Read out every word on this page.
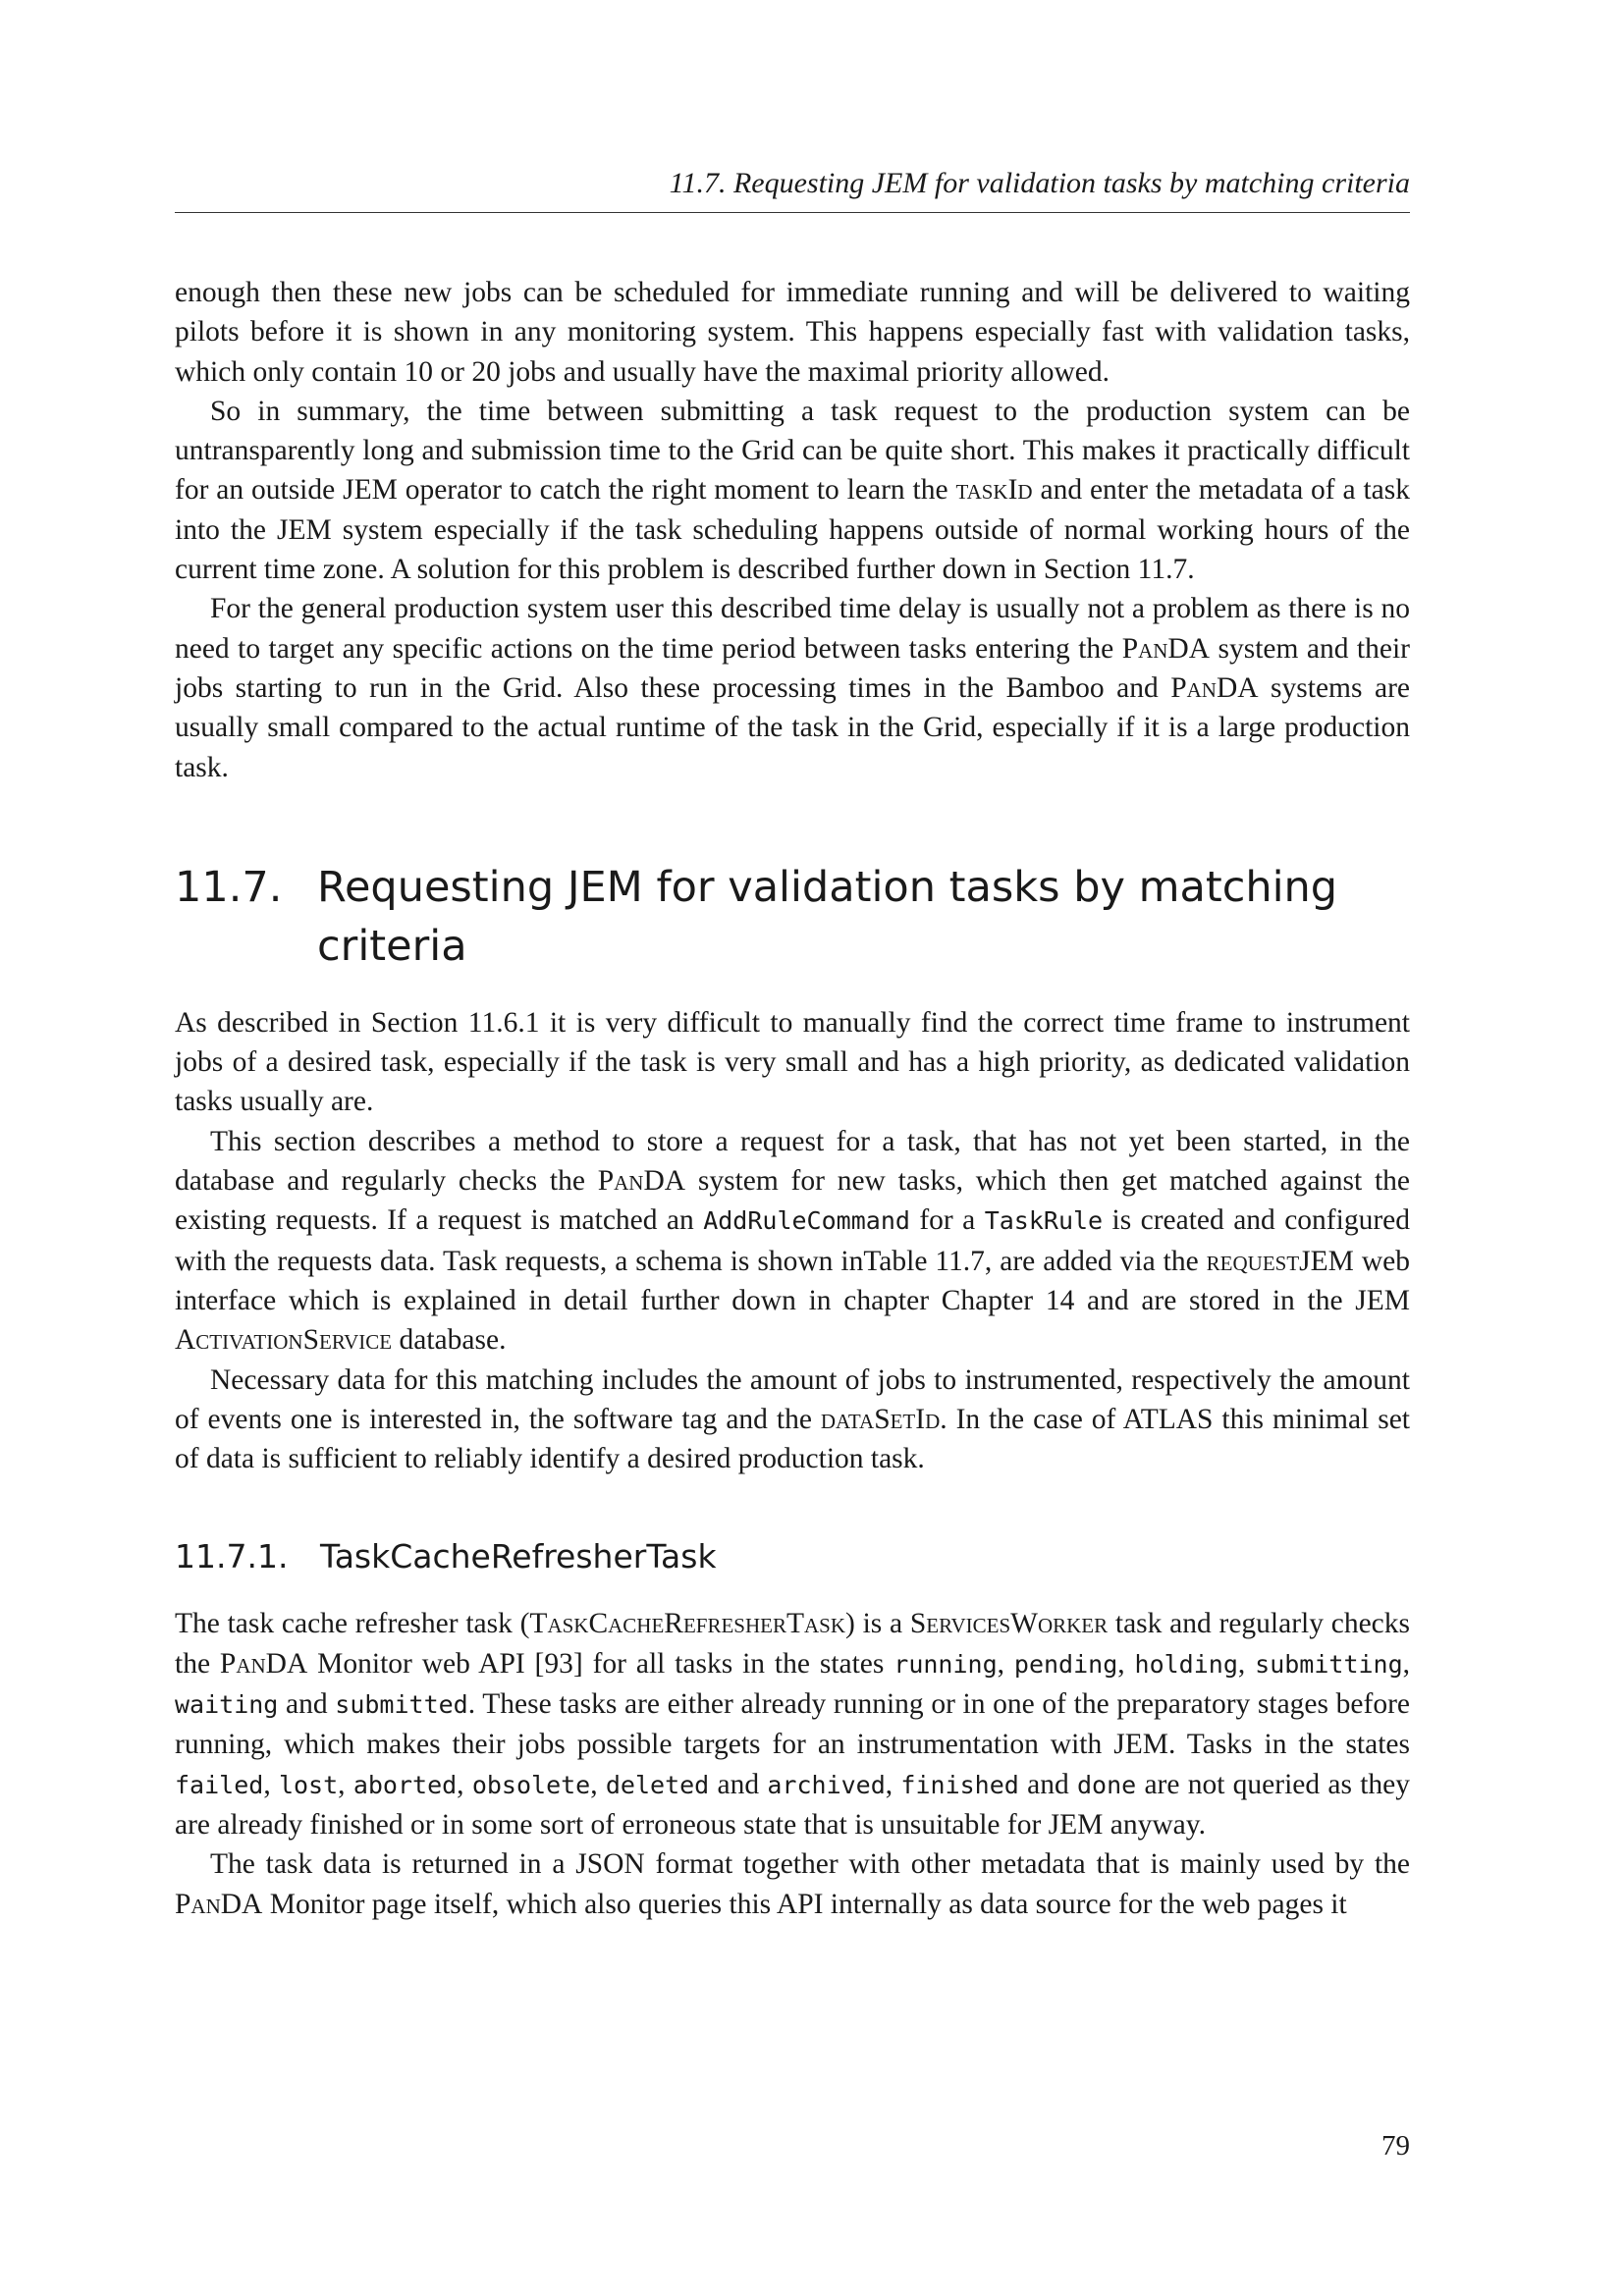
11.7. Requesting JEM for validation tasks by matching criteria

enough then these new jobs can be scheduled for immediate running and will be delivered to waiting pilots before it is shown in any monitoring system. This happens especially fast with validation tasks, which only contain 10 or 20 jobs and usually have the maximal priority allowed.

So in summary, the time between submitting a task request to the production system can be untransparently long and submission time to the Grid can be quite short. This makes it practically difficult for an outside JEM operator to catch the right moment to learn the taskId and enter the metadata of a task into the JEM system especially if the task scheduling happens outside of normal working hours of the current time zone. A solution for this problem is described further down in Section 11.7.

For the general production system user this described time delay is usually not a problem as there is no need to target any specific actions on the time period between tasks entering the PanDA system and their jobs starting to run in the Grid. Also these processing times in the Bamboo and PanDA systems are usually small compared to the actual runtime of the task in the Grid, especially if it is a large production task.

11.7. Requesting JEM for validation tasks by matching criteria

As described in Section 11.6.1 it is very difficult to manually find the correct time frame to instrument jobs of a desired task, especially if the task is very small and has a high priority, as dedicated validation tasks usually are.

This section describes a method to store a request for a task, that has not yet been started, in the database and regularly checks the PanDA system for new tasks, which then get matched against the existing requests. If a request is matched an AddRuleCommand for a TaskRule is created and configured with the requests data. Task requests, a schema is shown inTable 11.7, are added via the requestJEM web interface which is explained in detail further down in chapter Chapter 14 and are stored in the JEM ActivationService database.

Necessary data for this matching includes the amount of jobs to instrumented, respectively the amount of events one is interested in, the software tag and the dataSetId. In the case of ATLAS this minimal set of data is sufficient to reliably identify a desired production task.

11.7.1. TaskCacheRefresherTask

The task cache refresher task (TaskCacheRefresherTask) is a ServicesWorker task and regularly checks the PanDA Monitor web API [93] for all tasks in the states running, pending, holding, submitting, waiting and submitted. These tasks are either already running or in one of the preparatory stages before running, which makes their jobs possible targets for an instrumentation with JEM. Tasks in the states failed, lost, aborted, obsolete, deleted and archived, finished and done are not queried as they are already finished or in some sort of erroneous state that is unsuitable for JEM anyway.

The task data is returned in a JSON format together with other metadata that is mainly used by the PanDA Monitor page itself, which also queries this API internally as data source for the web pages it

79
